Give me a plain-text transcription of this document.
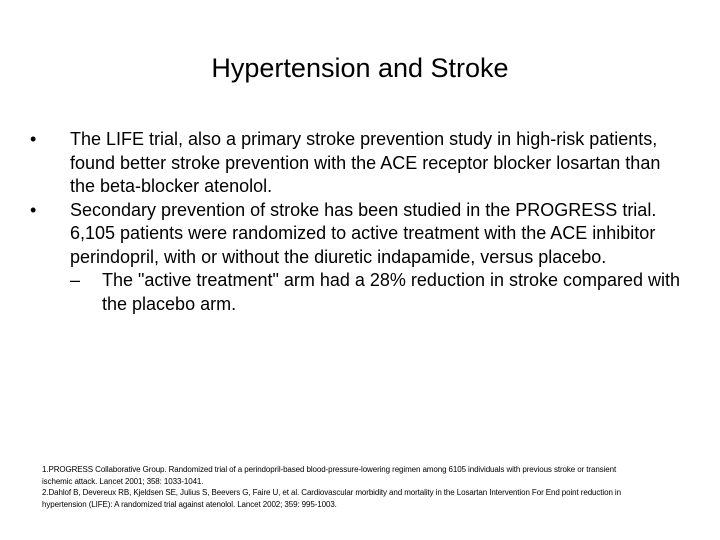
Hypertension and Stroke
•	The LIFE trial, also a primary stroke prevention study in high-risk patients, found better stroke prevention with the ACE receptor blocker losartan than the beta-blocker atenolol.
•	Secondary prevention of stroke has been studied in the PROGRESS trial. 6,105 patients were randomized to active treatment with the ACE inhibitor perindopril, with or without the diuretic indapamide, versus placebo.
– The "active treatment" arm had a 28% reduction in stroke compared with the placebo arm.
1.PROGRESS Collaborative Group. Randomized trial of a perindopril-based blood-pressure-lowering regimen among 6105 individuals with previous stroke or transient
ischemic attack. Lancet 2001; 358: 1033-1041.
2.Dahlof B, Devereux RB, Kjeldsen SE, Julius S, Beevers G, Faire U, et al. Cardiovascular morbidity and mortality in the Losartan Intervention For End point reduction in
hypertension (LIFE): A randomized trial against atenolol. Lancet 2002; 359: 995-1003.
